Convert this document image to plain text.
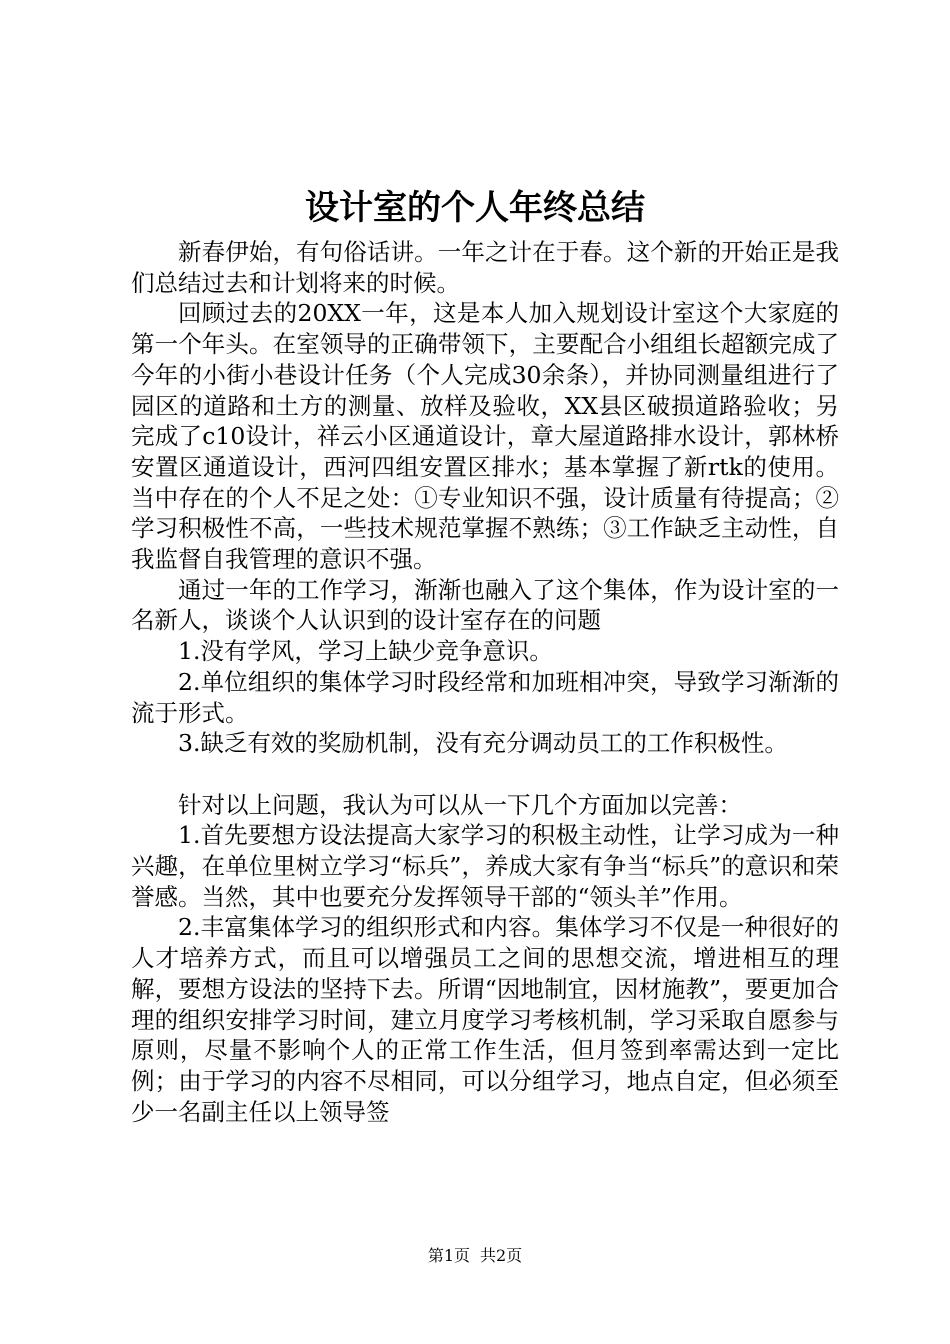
设计室的个人年终总结

新春伊始，有句俗话讲。一年之计在于春。这个新的开始正是我们总结过去和计划将来的时候。

回顾过去的20XX一年，这是本人加入规划设计室这个大家庭的第一个年头。在室领导的正确带领下，主要配合小组组长超额完成了今年的小街小巷设计任务（个人完成30余条），并协同测量组进行了园区的道路和土方的测量、放样及验收，XX县区破损道路验收；另完成了c10设计，祥云小区通道设计，章大屋道路排水设计，郭林桥安置区通道设计，西河四组安置区排水；基本掌握了新rtk的使用。当中存在的个人不足之处：①专业知识不强，设计质量有待提高；②学习积极性不高，一些技术规范掌握不熟练；③工作缺乏主动性，自我监督自我管理的意识不强。

通过一年的工作学习，渐渐也融入了这个集体，作为设计室的一名新人，谈谈个人认识到的设计室存在的问题

1.没有学风，学习上缺少竞争意识。

2.单位组织的集体学习时段经常和加班相冲突，导致学习渐渐的流于形式。

3.缺乏有效的奖励机制，没有充分调动员工的工作积极性。

针对以上问题，我认为可以从一下几个方面加以完善：

1.首先要想方设法提高大家学习的积极主动性，让学习成为一种兴趣，在单位里树立学习“标兵”，养成大家有争当“标兵”的意识和荣誉感。当然，其中也要充分发挥领导干部的“领头羊”作用。

2.丰富集体学习的组织形式和内容。集体学习不仅是一种很好的人才培养方式，而且可以增强员工之间的思想交流，增进相互的理解，要想方设法的坚持下去。所谓“因地制宜，因材施教”，要更加合理的组织安排学习时间，建立月度学习考核机制，学习采取自愿参与原则，尽量不影响个人的正常工作生活，但月签到率需达到一定比例；由于学习的内容不尽相同，可以分组学习，地点自定，但必须至少一名副主任以上领导签

第1页 共2页
